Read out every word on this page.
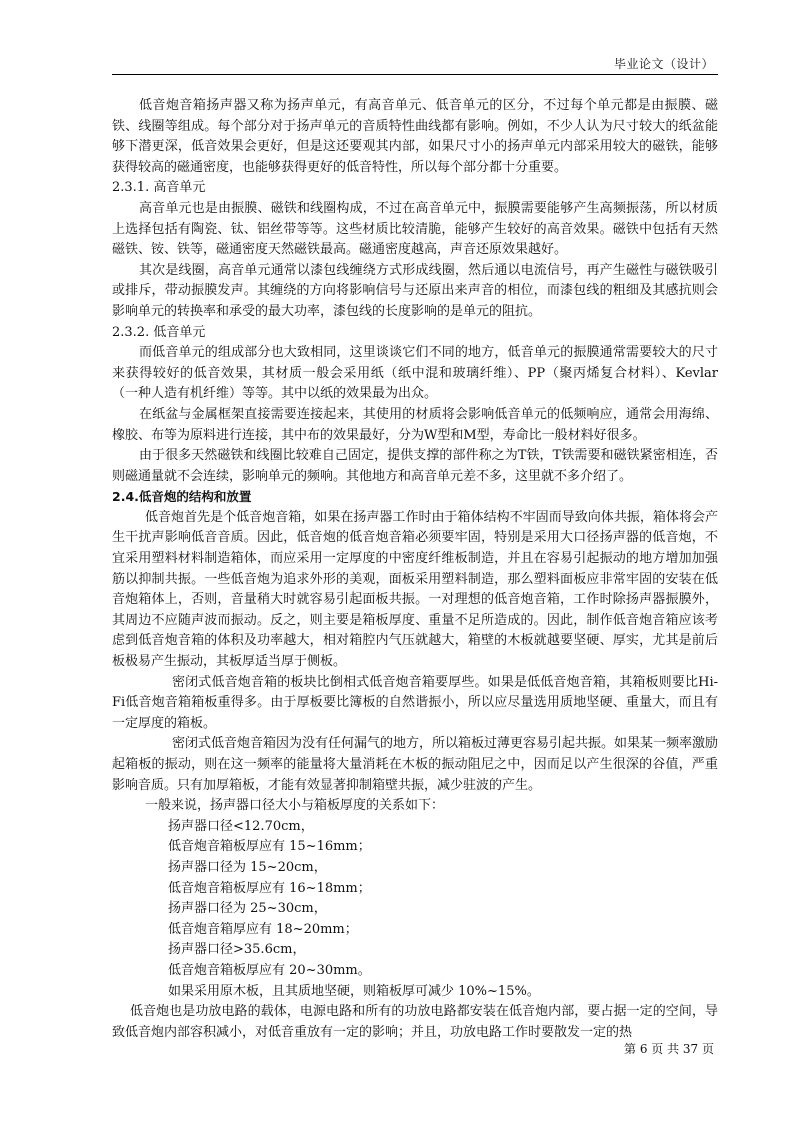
毕业论文（设计）

低音炮音箱扬声器又称为扬声单元，有高音单元、低音单元的区分，不过每个单元都是由振膜、磁铁、线圈等组成。每个部分对于扬声单元的音质特性曲线都有影响。例如，不少人认为尺寸较大的纸盆能够下潜更深，低音效果会更好，但是这还要观其内部，如果尺寸小的扬声单元内部采用较大的磁铁，能够获得较高的磁通密度，也能够获得更好的低音特性，所以每个部分都十分重要。

2.3.1. 高音单元

高音单元也是由振膜、磁铁和线圈构成，不过在高音单元中，振膜需要能够产生高频振荡，所以材质上选择包括有陶瓷、钛、铝丝带等等。这些材质比较清脆，能够产生较好的高音效果。磁铁中包括有天然磁铁、铵、铁等，磁通密度天然磁铁最高。磁通密度越高，声音还原效果越好。

其次是线圈，高音单元通常以漆包线缠绕方式形成线圈，然后通以电流信号，再产生磁性与磁铁吸引或排斥，带动振膜发声。其缠绕的方向将影响信号与还原出来声音的相位，而漆包线的粗细及其感抗则会影响单元的转换率和承受的最大功率，漆包线的长度影响的是单元的阻抗。

2.3.2. 低音单元

而低音单元的组成部分也大致相同，这里谈谈它们不同的地方，低音单元的振膜通常需要较大的尺寸来获得较好的低音效果，其材质一般会采用纸（纸中混和玻璃纤维）、PP（聚丙烯复合材料）、Kevlar（一种人造有机纤维）等等。其中以纸的效果最为出众。

在纸盆与金属框架直接需要连接起来，其使用的材质将会影响低音单元的低频响应，通常会用海绵、橡胶、布等为原料进行连接，其中布的效果最好，分为W型和M型，寿命比一般材料好很多。

由于很多天然磁铁和线圈比较难自己固定，提供支撑的部件称之为T铁，T铁需要和磁铁紧密相连，否则磁通量就不会连续，影响单元的频响。其他地方和高音单元差不多，这里就不多介绍了。

2.4.低音炮的结构和放置

低音炮首先是个低音炮音箱，如果在扬声器工作时由于箱体结构不牢固而导致向体共振，箱体将会产生干扰声影响低音音质。因此，低音炮的低音炮音箱必须要牢固，特别是采用大口径扬声器的低音炮，不宜采用塑料材料制造箱体，而应采用一定厚度的中密度纤维板制造，并且在容易引起振动的地方增加加强筋以抑制共振。一些低音炮为追求外形的美观，面板采用塑料制造，那么塑料面板应非常牢固的安装在低音炮箱体上，否则，音量稍大时就容易引起面板共振。一对理想的低音炮音箱，工作时除扬声器振膜外，其周边不应随声波而振动。反之，则主要是箱板厚度、重量不足所造成的。因此，制作低音炮音箱应该考虑到低音炮音箱的体积及功率越大，相对箱腔内气压就越大，箱壁的木板就越要坚硬、厚实，尤其是前后板极易产生振动，其板厚适当厚于侧板。

密闭式低音炮音箱的板块比倒相式低音炮音箱要厚些。如果是低低音炮音箱，其箱板则要比Hi-Fi低音炮音箱箱板重得多。由于厚板要比簿板的自然谐振小，所以应尽量选用质地坚硬、重量大，而且有一定厚度的箱板。

密闭式低音炮音箱因为没有任何漏气的地方，所以箱板过薄更容易引起共振。如果某一频率激励起箱板的振动，则在这一频率的能量将大量消耗在木板的振动阻尼之中，因而足以产生很深的谷值，严重影响音质。只有加厚箱板，才能有效显著抑制箱壁共振，减少驻波的产生。

一般来说，扬声器口径大小与箱板厚度的关系如下：

扬声器口径<12.70cm，

低音炮音箱板厚应有 15~16mm；

扬声器口径为 15~20cm，

低音炮音箱板厚应有 16~18mm；

扬声器口径为 25~30cm，

低音炮音箱厚应有 18~20mm；

扬声器口径>35.6cm，

低音炮音箱板厚应有 20~30mm。

如果采用原木板，且其质地坚硬，则箱板厚可减少 10%~15%。

低音炮也是功放电路的载体，电源电路和所有的功放电路都安装在低音炮内部，要占据一定的空间，导致低音炮内部容积减小，对低音重放有一定的影响；并且，功放电路工作时要散发一定的热

第 6 页 共 37 页
